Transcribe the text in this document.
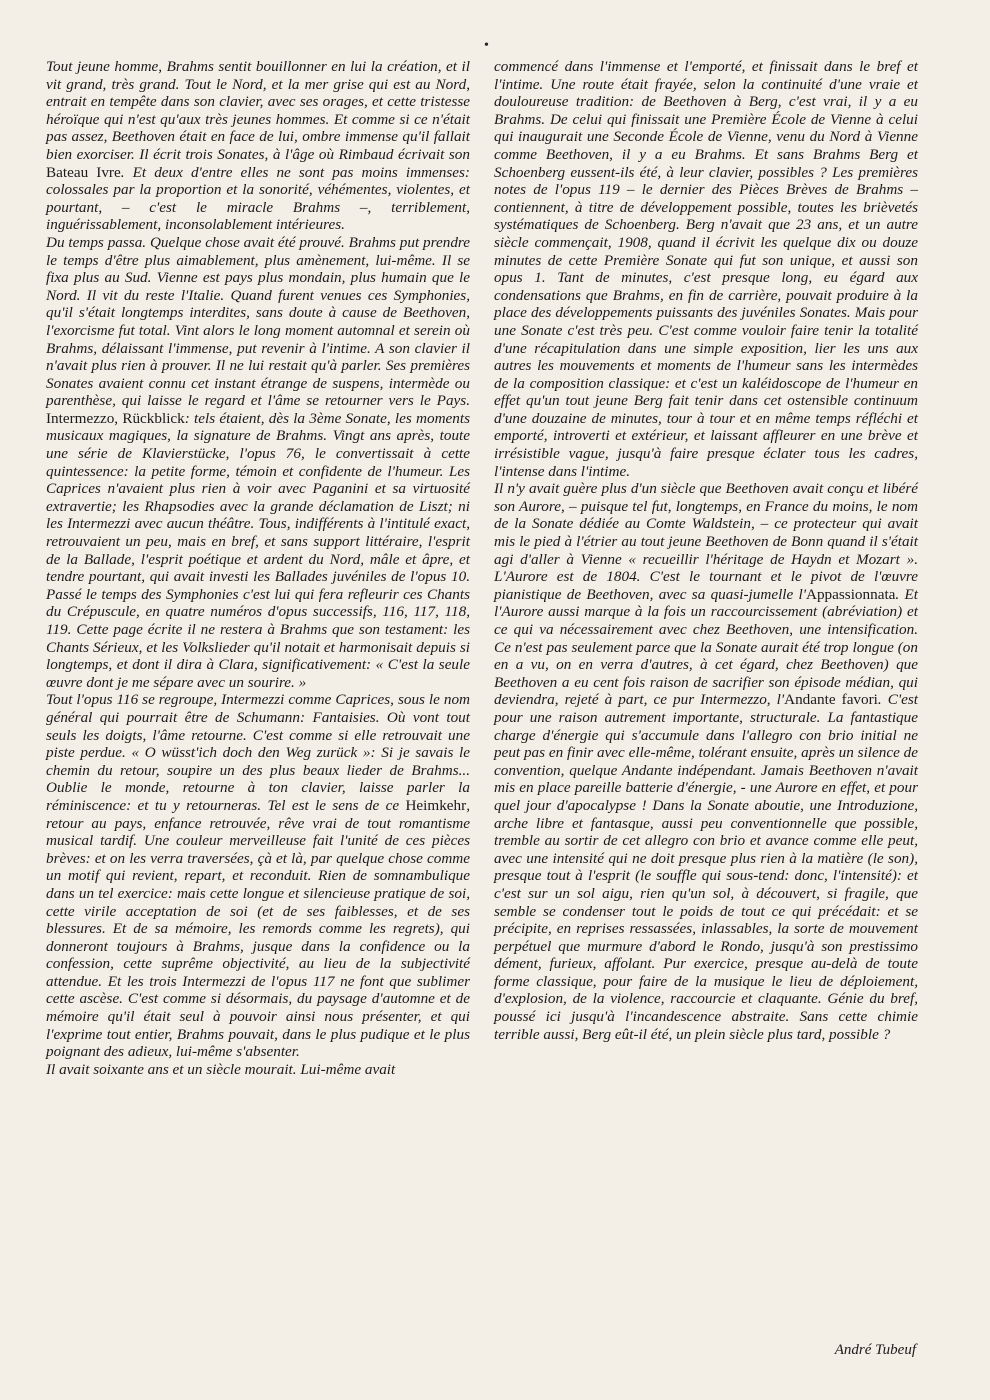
•

Tout jeune homme, Brahms sentit bouillonner en lui la création, et il vit grand, très grand. Tout le Nord, et la mer grise qui est au Nord, entrait en tempête dans son clavier, avec ses orages, et cette tristesse héroïque qui n'est qu'aux très jeunes hommes. Et comme si ce n'était pas assez, Beethoven était en face de lui, ombre immense qu'il fallait bien exorciser. Il écrit trois Sonates, à l'âge où Rimbaud écrivait son Bateau Ivre. Et deux d'entre elles ne sont pas moins immenses: colossales par la proportion et la sonorité, véhémentes, violentes, et pourtant, – c'est le miracle Brahms –, terriblement, inguérissablement, inconsolablement intérieures.

Du temps passa. Quelque chose avait été prouvé. Brahms put prendre le temps d'être plus aimablement, plus amènement, lui-même. Il se fixa plus au Sud. Vienne est pays plus mondain, plus humain que le Nord. Il vit du reste l'Italie. Quand furent venues ces Symphonies, qu'il s'était longtemps interdites, sans doute à cause de Beethoven, l'exorcisme fut total. Vint alors le long moment automnal et serein où Brahms, délaissant l'immense, put revenir à l'intime. A son clavier il n'avait plus rien à prouver. Il ne lui restait qu'à parler. Ses premières Sonates avaient connu cet instant étrange de suspens, intermède ou parenthèse, qui laisse le regard et l'âme se retourner vers le Pays. Intermezzo, Rückblick: tels étaient, dès la 3ème Sonate, les moments musicaux magiques, la signature de Brahms. Vingt ans après, toute une série de Klavierstücke, l'opus 76, le convertissait à cette quintessence: la petite forme, témoin et confidente de l'humeur. Les Caprices n'avaient plus rien à voir avec Paganini et sa virtuosité extravertie; les Rhapsodies avec la grande déclamation de Liszt; ni les Intermezzi avec aucun théâtre. Tous, indifférents à l'intitulé exact, retrouvaient un peu, mais en bref, et sans support littéraire, l'esprit de la Ballade, l'esprit poétique et ardent du Nord, mâle et âpre, et tendre pourtant, qui avait investi les Ballades juvéniles de l'opus 10. Passé le temps des Symphonies c'est lui qui fera refleurir ces Chants du Crépuscule, en quatre numéros d'opus successifs, 116, 117, 118, 119. Cette page écrite il ne restera à Brahms que son testament: les Chants Sérieux, et les Volkslieder qu'il notait et harmonisait depuis si longtemps, et dont il dira à Clara, significativement: « C'est la seule œuvre dont je me sépare avec un sourire. »

Tout l'opus 116 se regroupe, Intermezzi comme Caprices, sous le nom général qui pourrait être de Schumann: Fantaisies. Où vont tout seuls les doigts, l'âme retourne. C'est comme si elle retrouvait une piste perdue. « O wüsst'ich doch den Weg zurück »: Si je savais le chemin du retour, soupire un des plus beaux lieder de Brahms... Oublie le monde, retourne à ton clavier, laisse parler la réminiscence: et tu y retourneras. Tel est le sens de ce Heimkehr, retour au pays, enfance retrouvée, rêve vrai de tout romantisme musical tardif. Une couleur merveilleuse fait l'unité de ces pièces brèves: et on les verra traversées, çà et là, par quelque chose comme un motif qui revient, repart, et reconduit. Rien de somnambulique dans un tel exercice: mais cette longue et silencieuse pratique de soi, cette virile acceptation de soi (et de ses faiblesses, et de ses blessures. Et de sa mémoire, les remords comme les regrets), qui donneront toujours à Brahms, jusque dans la confidence ou la confession, cette suprême objectivité, au lieu de la subjectivité attendue. Et les trois Intermezzi de l'opus 117 ne font que sublimer cette ascèse. C'est comme si désormais, du paysage d'automne et de mémoire qu'il était seul à pouvoir ainsi nous présenter, et qui l'exprime tout entier, Brahms pouvait, dans le plus pudique et le plus poignant des adieux, lui-même s'absenter.

Il avait soixante ans et un siècle mourait. Lui-même avait

commencé dans l'immense et l'emporté, et finissait dans le bref et l'intime. Une route était frayée, selon la continuité d'une vraie et douloureuse tradition: de Beethoven à Berg, c'est vrai, il y a eu Brahms. De celui qui finissait une Première École de Vienne à celui qui inaugurait une Seconde École de Vienne, venu du Nord à Vienne comme Beethoven, il y a eu Brahms. Et sans Brahms Berg et Schoenberg eussent-ils été, à leur clavier, possibles ? Les premières notes de l'opus 119 – le dernier des Pièces Brèves de Brahms – contiennent, à titre de développement possible, toutes les brièvetés systématiques de Schoenberg. Berg n'avait que 23 ans, et un autre siècle commençait, 1908, quand il écrivit les quelque dix ou douze minutes de cette Première Sonate qui fut son unique, et aussi son opus 1. Tant de minutes, c'est presque long, eu égard aux condensations que Brahms, en fin de carrière, pouvait produire à la place des développements puissants des juvéniles Sonates. Mais pour une Sonate c'est très peu. C'est comme vouloir faire tenir la totalité d'une récapitulation dans une simple exposition, lier les uns aux autres les mouvements et moments de l'humeur sans les intermèdes de la composition classique: et c'est un kaléidoscope de l'humeur en effet qu'un tout jeune Berg fait tenir dans cet ostensible continuum d'une douzaine de minutes, tour à tour et en même temps réfléchi et emporté, introverti et extérieur, et laissant affleurer en une brève et irrésistible vague, jusqu'à faire presque éclater tous les cadres, l'intense dans l'intime.

Il n'y avait guère plus d'un siècle que Beethoven avait conçu et libéré son Aurore, – puisque tel fut, longtemps, en France du moins, le nom de la Sonate dédiée au Comte Waldstein, – ce protecteur qui avait mis le pied à l'étrier au tout jeune Beethoven de Bonn quand il s'était agi d'aller à Vienne « recueillir l'héritage de Haydn et Mozart ». L'Aurore est de 1804. C'est le tournant et le pivot de l'œuvre pianistique de Beethoven, avec sa quasi-jumelle l'Appassionnata. Et l'Aurore aussi marque à la fois un raccourcissement (abréviation) et ce qui va nécessairement avec chez Beethoven, une intensification. Ce n'est pas seulement parce que la Sonate aurait été trop longue (on en a vu, on en verra d'autres, à cet égard, chez Beethoven) que Beethoven a eu cent fois raison de sacrifier son épisode médian, qui deviendra, rejeté à part, ce pur Intermezzo, l'Andante favori. C'est pour une raison autrement importante, structurale. La fantastique charge d'énergie qui s'accumule dans l'allegro con brio initial ne peut pas en finir avec elle-même, tolérant ensuite, après un silence de convention, quelque Andante indépendant. Jamais Beethoven n'avait mis en place pareille batterie d'énergie, - une Aurore en effet, et pour quel jour d'apocalypse ! Dans la Sonate aboutie, une Introduzione, arche libre et fantasque, aussi peu conventionnelle que possible, tremble au sortir de cet allegro con brio et avance comme elle peut, avec une intensité qui ne doit presque plus rien à la matière (le son), presque tout à l'esprit (le souffle qui sous-tend: donc, l'intensité): et c'est sur un sol aigu, rien qu'un sol, à découvert, si fragile, que semble se condenser tout le poids de tout ce qui précédait: et se précipite, en reprises ressassées, inlassables, la sorte de mouvement perpétuel que murmure d'abord le Rondo, jusqu'à son prestissimo dément, furieux, affolant. Pur exercice, presque au-delà de toute forme classique, pour faire de la musique le lieu de déploiement, d'explosion, de la violence, raccourcie et claquante. Génie du bref, poussé ici jusqu'à l'incandescence abstraite. Sans cette chimie terrible aussi, Berg eût-il été, un plein siècle plus tard, possible ?

André Tubeuf
